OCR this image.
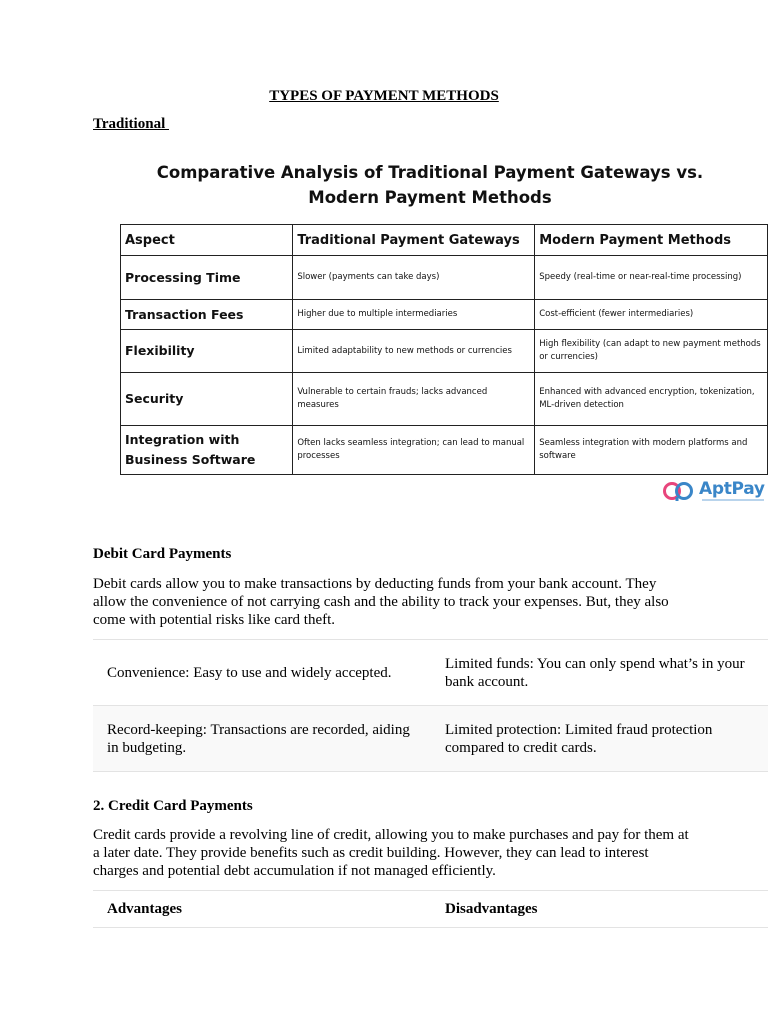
TYPES OF PAYMENT METHODS
Traditional
Comparative Analysis of Traditional Payment Gateways vs.
Modern Payment Methods
Aspect	Traditional Payment Gateways	Modern Payment Methods
Processing Time	Slower (payments can take days)	Speedy (real-time or near-real-time processing)
Transaction Fees	Higher due to multiple intermediaries	Cost-efficient (fewer intermediaries)
Flexibility	Limited adaptability to new methods or currencies	High flexibility (can adapt to new payment methods or currencies)
Security	Vulnerable to certain frauds; lacks advanced measures	Enhanced with advanced encryption, tokenization, ML-driven detection
Integration with Business Software	Often lacks seamless integration; can lead to manual processes	Seamless integration with modern platforms and software
AptPay
Debit Card Payments

Debit cards allow you to make transactions by deducting funds from your bank account. They allow the convenience of not carrying cash and the ability to track your expenses. But, they also come with potential risks like card theft.

Convenience: Easy to use and widely accepted.	Limited funds: You can only spend what’s in your bank account.
Record-keeping: Transactions are recorded, aiding in budgeting.	Limited protection: Limited fraud protection compared to credit cards.
2. Credit Card Payments

Credit cards provide a revolving line of credit, allowing you to make purchases and pay for them at a later date. They provide benefits such as credit building. However, they can lead to interest charges and potential debt accumulation if not managed efficiently.

Advantages	Disadvantages
